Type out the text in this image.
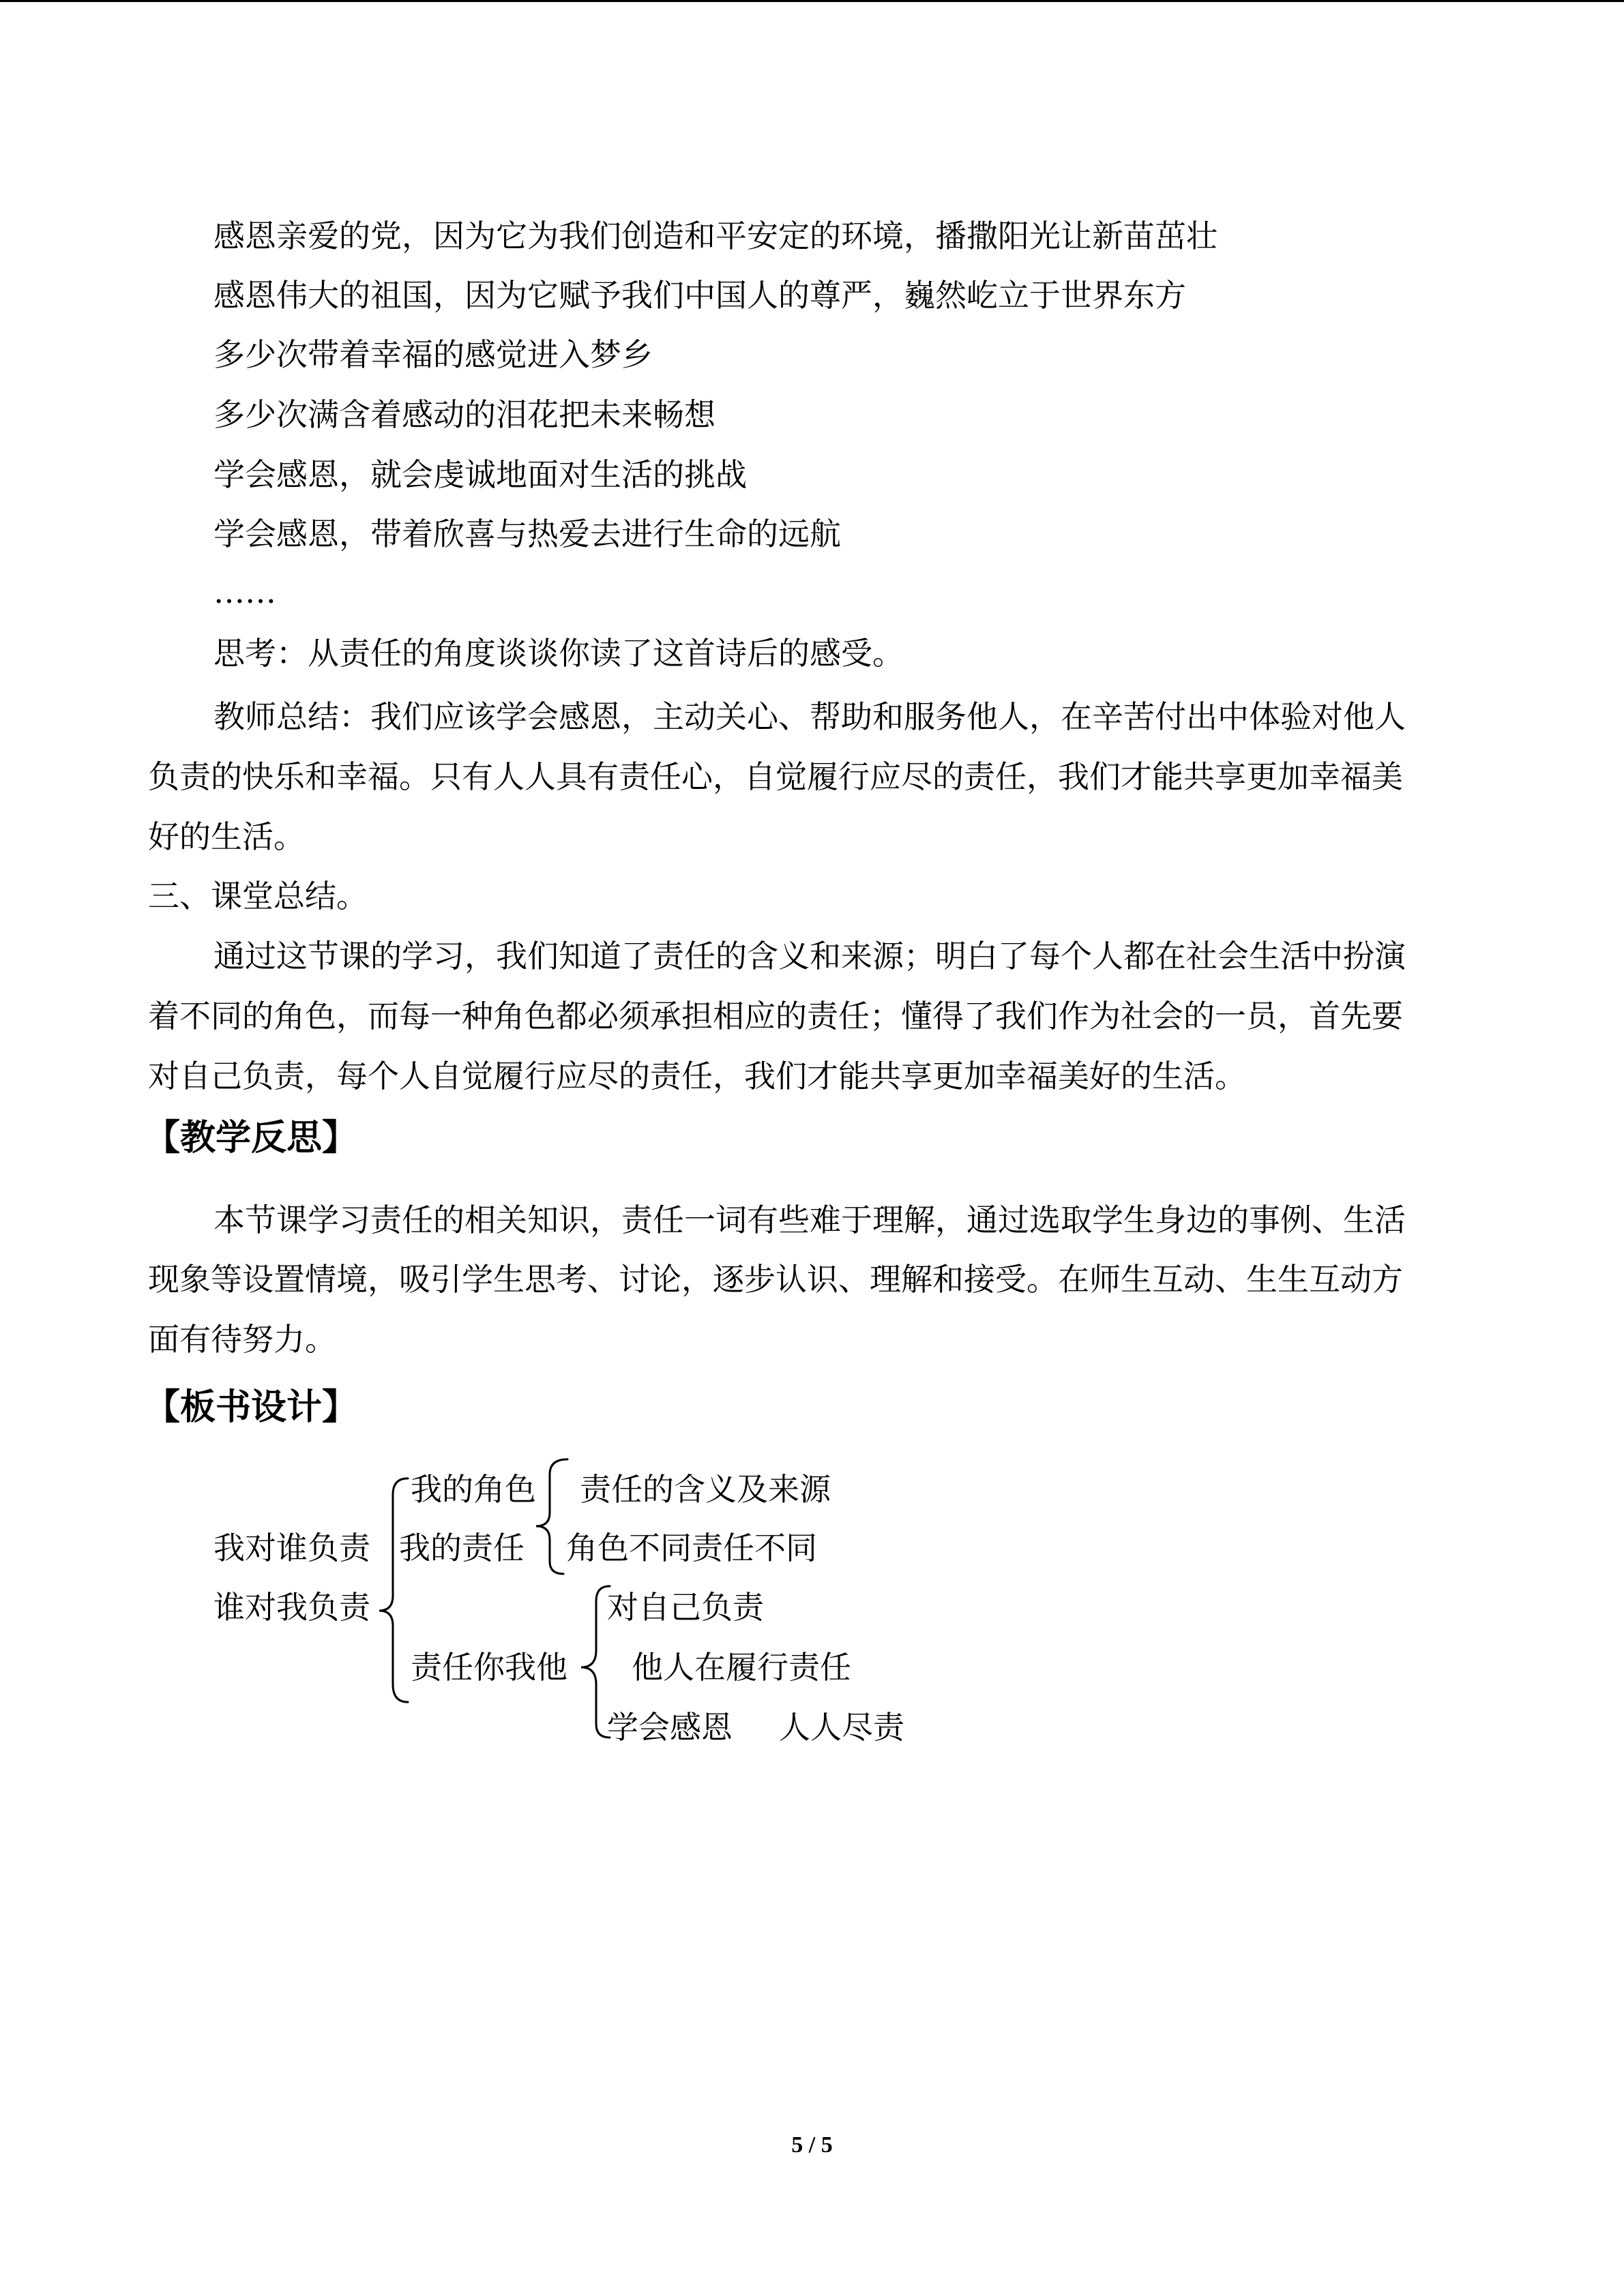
感恩亲爱的党，因为它为我们创造和平安定的环境，播撒阳光让新苗茁壮
感恩伟大的祖国，因为它赋予我们中国人的尊严，巍然屹立于世界东方
多少次带着幸福的感觉进入梦乡
多少次满含着感动的泪花把未来畅想
学会感恩，就会虔诚地面对生活的挑战
学会感恩，带着欣喜与热爱去进行生命的远航
……
思考：从责任的角度谈谈你读了这首诗后的感受。
教师总结：我们应该学会感恩，主动关心、帮助和服务他人，在辛苦付出中体验对他人
负责的快乐和幸福。只有人人具有责任心，自觉履行应尽的责任，我们才能共享更加幸福美
好的生活。
三、课堂总结。
通过这节课的学习，我们知道了责任的含义和来源；明白了每个人都在社会生活中扮演
着不同的角色，而每一种角色都必须承担相应的责任；懂得了我们作为社会的一员，首先要
对自己负责，每个人自觉履行应尽的责任，我们才能共享更加幸福美好的生活。
【教学反思】
本节课学习责任的相关知识，责任一词有些难于理解，通过选取学生身边的事例、生活
现象等设置情境，吸引学生思考、讨论，逐步认识、理解和接受。在师生互动、生生互动方
面有待努力。
【板书设计】
我对谁负责
谁对我负责
我的角色
我的责任
责任你我他
责任的含义及来源
角色不同责任不同
对自己负责
他人在履行责任
学会感恩 人人尽责
5 / 5
